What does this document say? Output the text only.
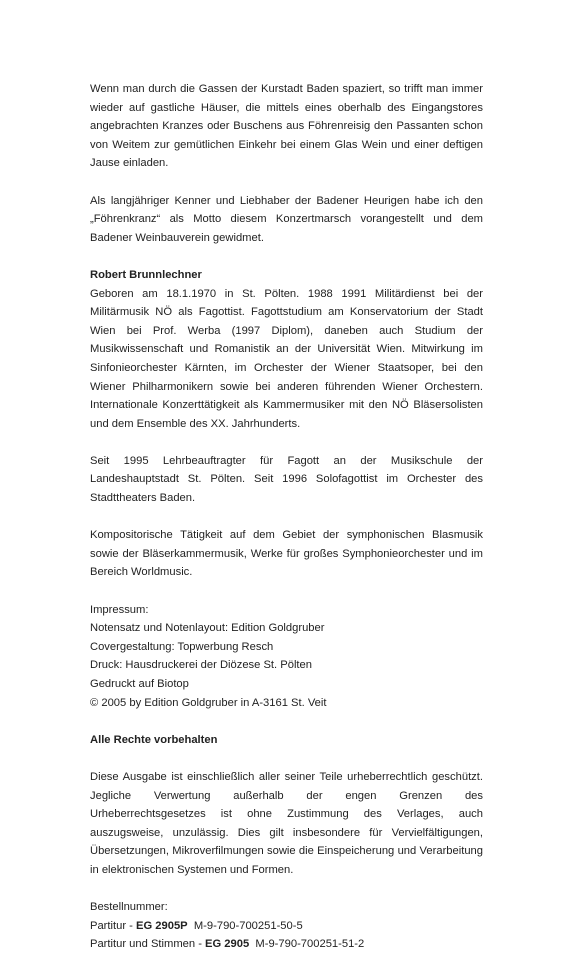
Wenn man durch die Gassen der Kurstadt Baden spaziert, so trifft man immer wieder auf gastliche Häuser, die mittels eines oberhalb des Eingangstores angebrachten Kranzes oder Buschens aus Föhrenreisig den Passanten schon von Weitem zur gemütlichen Einkehr bei einem Glas Wein und einer deftigen Jause einladen.

Als langjähriger Kenner und Liebhaber der Badener Heurigen habe ich den „Föhrenkranz“ als Motto diesem Konzertmarsch vorangestellt und dem Badener Weinbauverein gewidmet.

Robert Brunnlechner

Geboren am 18.1.1970 in St. Pölten. 1988 1991 Militärdienst bei der Militärmusik NÖ als Fagottist. Fagottstudium am Konservatorium der Stadt Wien bei Prof. Werba (1997 Diplom), daneben auch Studium der Musikwissenschaft und Romanistik an der Universität Wien. Mitwirkung im Sinfonieorchester Kärnten, im Orchester der Wiener Staatsoper, bei den Wiener Philharmonikern sowie bei anderen führenden Wiener Orchestern. Internationale Konzerttätigkeit als Kammermusiker mit den NÖ Bläsersolisten und dem Ensemble des XX. Jahrhunderts.

Seit 1995 Lehrbeauftragter für Fagott an der Musikschule der Landeshauptstadt St. Pölten. Seit 1996 Solofagottist im Orchester des Stadttheaters Baden.

Kompositorische Tätigkeit auf dem Gebiet der symphonischen Blasmusik sowie der Bläserkammermusik, Werke für großes Symphonieorchester und im Bereich Worldmusic.

Impressum:
Notensatz und Notenlayout: Edition Goldgruber
Covergestaltung: Topwerbung Resch
Druck: Hausdruckerei der Diözese St. Pölten
Gedruckt auf Biotop
© 2005 by Edition Goldgruber in A-3161 St. Veit

Alle Rechte vorbehalten

Diese Ausgabe ist einschließlich aller seiner Teile urheberrechtlich geschützt. Jegliche Verwertung außerhalb der engen Grenzen des Urheberrechtsgesetzes ist ohne Zustimmung des Verlages, auch auszugsweise, unzulässig. Dies gilt insbesondere für Vervielfältigungen, Übersetzungen, Mikroverfilmungen sowie die Einspeicherung und Verarbeitung in elektronischen Systemen und Formen.

Bestellnummer:
Partitur - EG 2905P  M-9-790-700251-50-5
Partitur und Stimmen - EG 2905  M-9-790-700251-51-2
